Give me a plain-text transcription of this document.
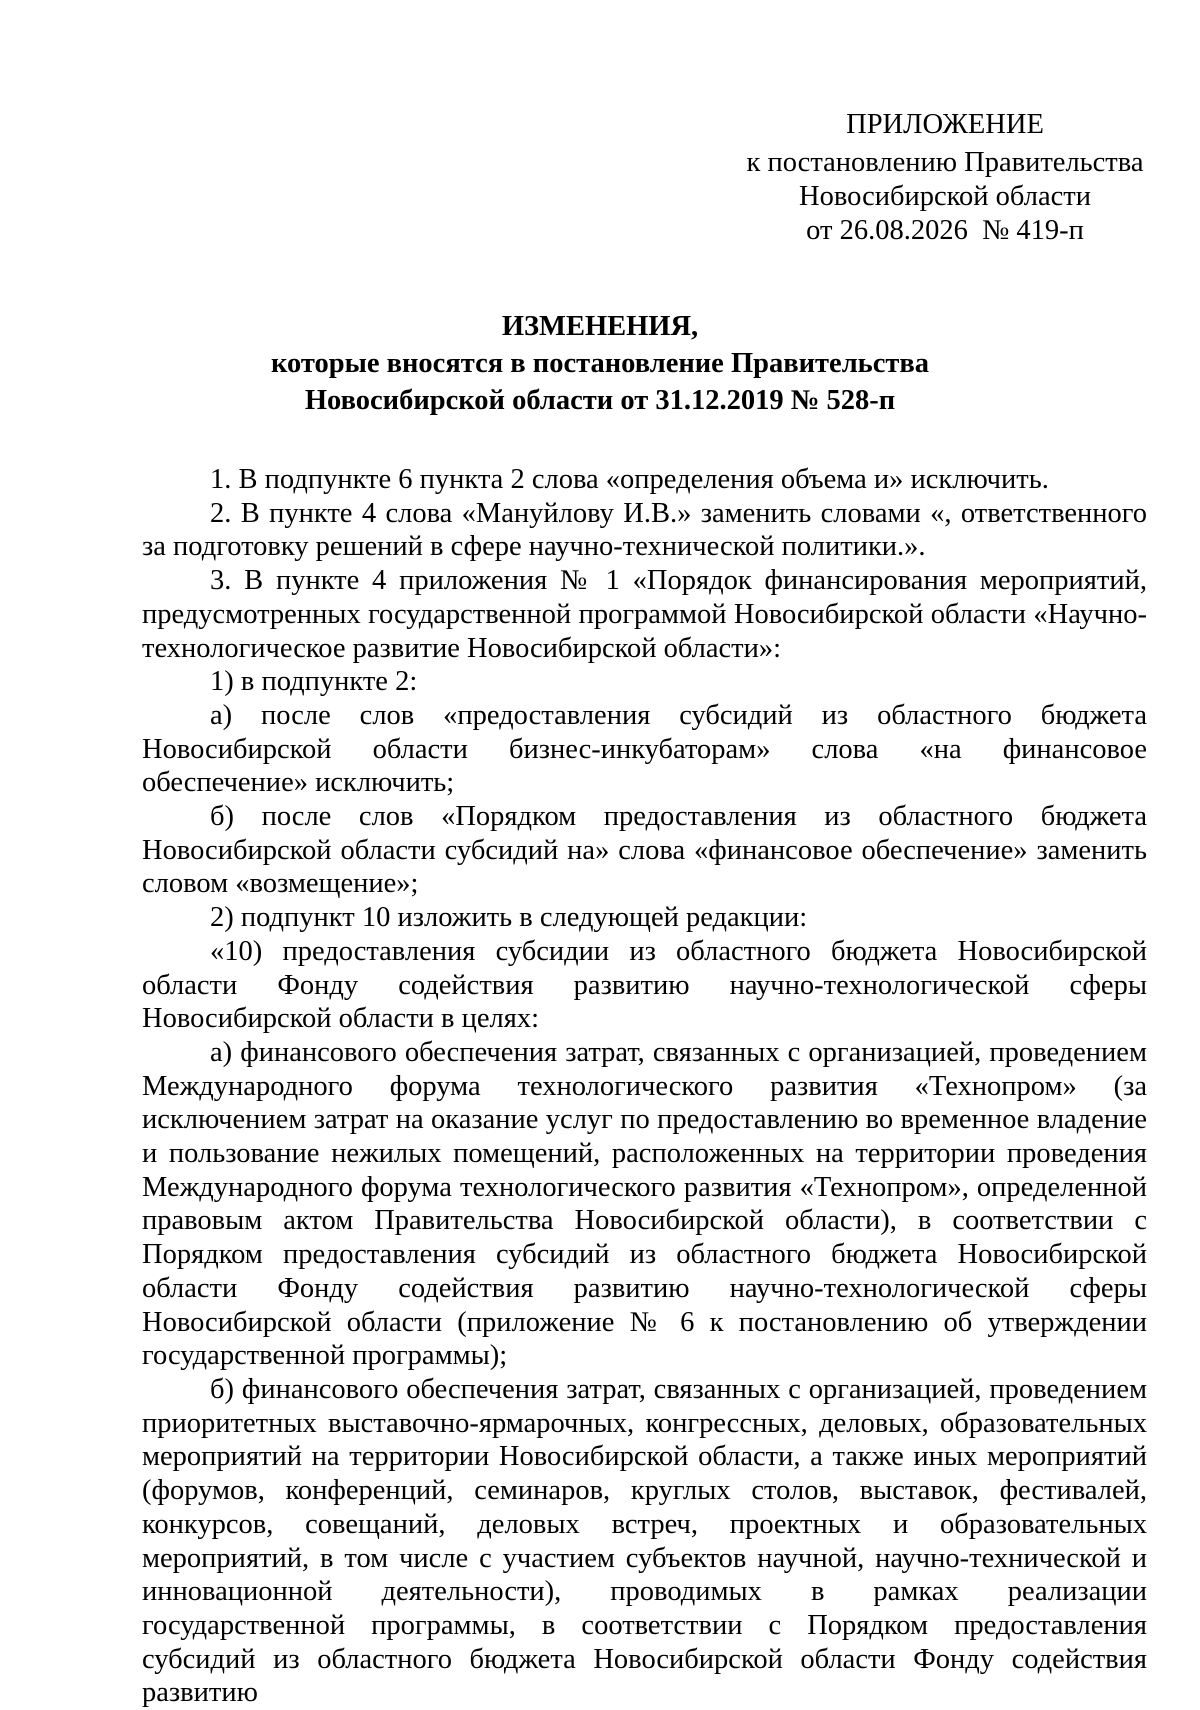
ПРИЛОЖЕНИЕ
к постановлению Правительства
Новосибирской области
от 26.08.2026  № 419-п
ИЗМЕНЕНИЯ,
которые вносятся в постановление Правительства
Новосибирской области от 31.12.2019 № 528-п

1. В подпункте 6 пункта 2 слова «определения объема и» исключить.

2. В пункте 4 слова «Мануйлову И.В.» заменить словами «, ответственного за подготовку решений в сфере научно-технической политики.».

3. В пункте 4 приложения № 1 «Порядок финансирования мероприятий, предусмотренных государственной программой Новосибирской области «Научно-технологическое развитие Новосибирской области»:

1) в подпункте 2:

а) после слов «предоставления субсидий из областного бюджета Новосибирской области бизнес-инкубаторам» слова «на финансовое обеспечение» исключить;

б) после слов «Порядком предоставления из областного бюджета Новосибирской области субсидий на» слова «финансовое обеспечение» заменить словом «возмещение»;

2) подпункт 10 изложить в следующей редакции:

«10) предоставления субсидии из областного бюджета Новосибирской области Фонду содействия развитию научно-технологической сферы Новосибирской области в целях:

а) финансового обеспечения затрат, связанных с организацией, проведением Международного форума технологического развития «Технопром» (за исключением затрат на оказание услуг по предоставлению во временное владение и пользование нежилых помещений, расположенных на территории проведения Международного форума технологического развития «Технопром», определенной правовым актом Правительства Новосибирской области), в соответствии с Порядком предоставления субсидий из областного бюджета Новосибирской области Фонду содействия развитию научно-технологической сферы Новосибирской области (приложение № 6 к постановлению об утверждении государственной программы);

б) финансового обеспечения затрат, связанных с организацией, проведением приоритетных выставочно-ярмарочных, конгрессных, деловых, образовательных мероприятий на территории Новосибирской области, а также иных мероприятий (форумов, конференций, семинаров, круглых столов, выставок, фестивалей, конкурсов, совещаний, деловых встреч, проектных и образовательных мероприятий, в том числе с участием субъектов научной, научно-технической и инновационной деятельности), проводимых в рамках реализации государственной программы, в соответствии с Порядком предоставления субсидий из областного бюджета Новосибирской области Фонду содействия развитию
